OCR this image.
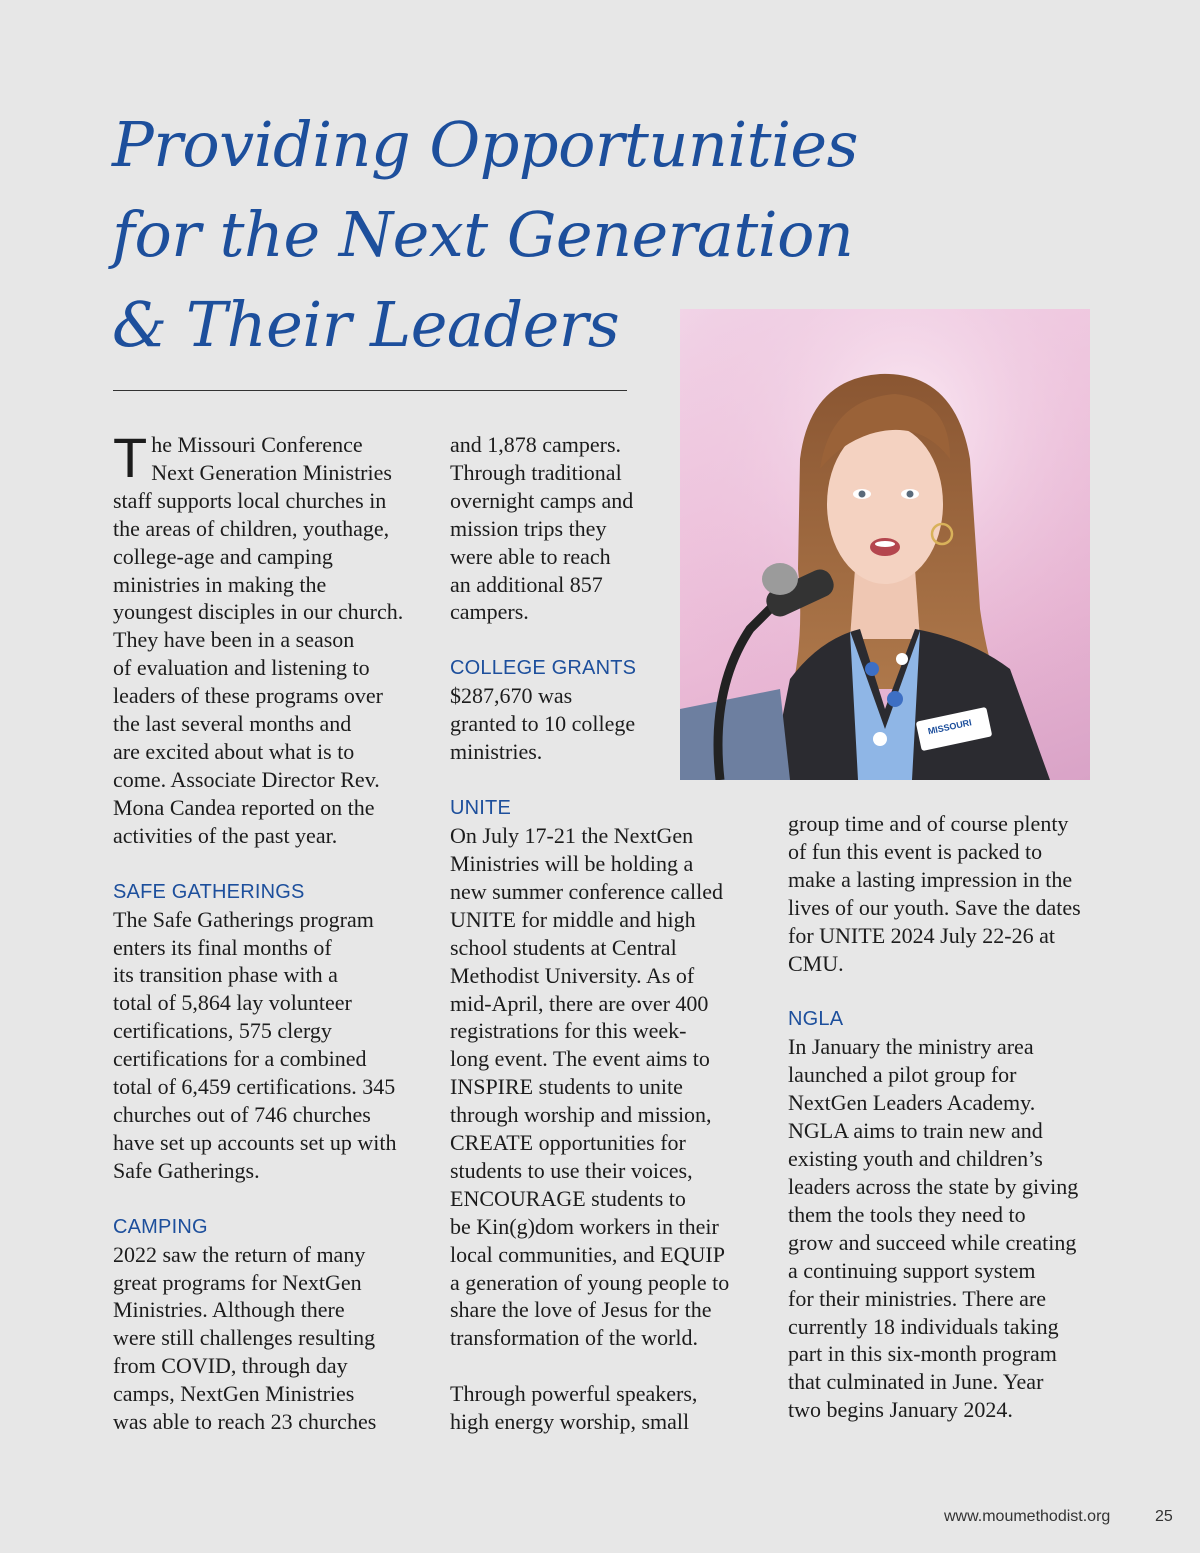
Providing Opportunities
for the Next Generation
& Their Leaders

T he Missouri Conference
Next Generation Ministries
staff supports local churches in
the areas of children, youthage,
college-age and camping
ministries in making the
youngest disciples in our church.
They have been in a season
of evaluation and listening to
leaders of these programs over
the last several months and
are excited about what is to
come. Associate Director Rev.
Mona Candea reported on the
activities of the past year.

SAFE GATHERINGS

The Safe Gatherings program
enters its final months of
its transition phase with a
total of 5,864 lay volunteer
certifications, 575 clergy
certifications for a combined
total of 6,459 certifications. 345
churches out of 746 churches
have set up accounts set up with
Safe Gatherings.

CAMPING

2022 saw the return of many
great programs for NextGen
Ministries. Although there
were still challenges resulting
from COVID, through day
camps, NextGen Ministries
was able to reach 23 churches

and 1,878 campers.
Through traditional
overnight camps and
mission trips they
were able to reach
an additional 857
campers.

COLLEGE GRANTS

$287,670 was
granted to 10 college
ministries.

UNITE

On July 17-21 the NextGen
Ministries will be holding a
new summer conference called
UNITE for middle and high
school students at Central
Methodist University. As of
mid-April, there are over 400
registrations for this week-
long event. The event aims to
INSPIRE students to unite
through worship and mission,
CREATE opportunities for
students to use their voices,
ENCOURAGE students to
be Kin(g)dom workers in their
local communities, and EQUIP
a generation of young people to
share the love of Jesus for the
transformation of the world.

Through powerful speakers,
high energy worship, small

MISSOURI

group time and of course plenty
of fun this event is packed to
make a lasting impression in the
lives of our youth. Save the dates
for UNITE 2024 July 22-26 at
CMU.

NGLA

In January the ministry area
launched a pilot group for
NextGen Leaders Academy.
NGLA aims to train new and
existing youth and children’s
leaders across the state by giving
them the tools they need to
grow and succeed while creating
a continuing support system
for their ministries. There are
currently 18 individuals taking
part in this six-month program
that culminated in June. Year
two begins January 2024.

www.moumethodist.org	25
